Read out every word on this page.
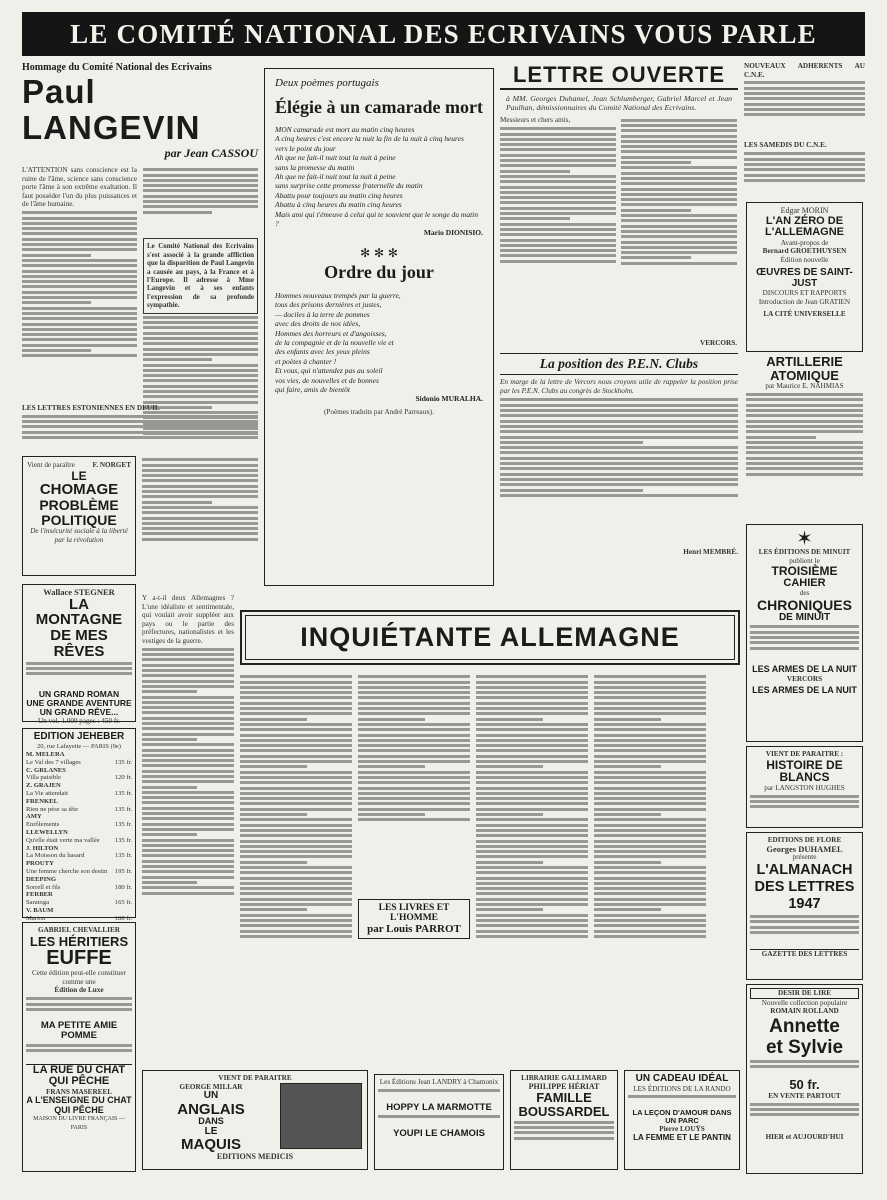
LE COMITÉ NATIONAL DES ECRIVAINS VOUS PARLE
Hommage du Comité National des Ecrivains
Paul LANGEVIN
par Jean CASSOU
L'ATTENTION sans conscience est la ruine de l'âme, science sans conscience porte l'âme à son extrême exaltation. Il faut posséder l'un du plus puissances et de l'âme humaine.
Le Comité National des Ecrivains s'est associé à la grande affliction que la disparition de Paul Langevin a causée au pays, à la France et à l'Europe. Il adresse à Mme Langevin et à ses enfants l'expression de sa profonde sympathie.
Deux poèmes portugais
Élégie à un camarade mort
MON camarade est mort au matin cinq heures
A cinq heures c'est encore la nuit la fin de la nuit à cinq heures
vers le point du jour
Ah que ne fait-il nuit tout la nuit à peine
sans la promesse du matin
Ah que ne fait-il nuit tout la nuit à peine
sans surprise cette promesse fraternelle du matin
Abattu pour toujours au matin cinq heures
Abattu à cinq heures du matin cinq heures
Mais ami qui t'émeuve à celui qui te souvient que le songe du matin ?
Mario DIONISIO.
✻ ✻ ✻
Ordre du jour
Hommes nouveaux trempés par la guerre,
tous des prisons dernières et justes,
— dociles à la terre de pommes
avec des droits de nos idées,
Hommes des horreurs et d'angoisses,
de la compagnie et de la nouvelle vie et
des enfants avec les yeux pleins
et poètes à chanter !
Et vous, qui n'attendez pas au soleil
vos vies, de nouvelles et de bonnes
qui faire, amis de bientôt
Sidonio MURALHA.
(Poèmes traduits par André Parreaux).
LETTRE OUVERTE
à MM. Georges Duhamel, Jean Schlumberger, Gabriel Marcel et Jean Paulhan, démissionnaires du Comité National des Ecrivains.
Messieurs et chers amis,
VERCORS.
La position des P.E.N. Clubs
En marge de la lettre de Vercors nous croyons utile de rappeler la position prise par les P.E.N. Clubs au congrès de Stockholm.
Henri MEMBRÉ.
NOUVEAUX ADHERENTS AU C.N.E.
LES SAMEDIS DU C.N.E.
Edgar MORIN
L'AN ZÉRO DE L'ALLEMAGNE
Avant-propos de
Bernard GROETHUYSEN
Édition nouvelle
ŒUVRES DE SAINT-JUST
DISCOURS ET RAPPORTS
Introduction de Jean GRATIEN
LA CITÉ UNIVERSELLE
ARTILLERIE ATOMIQUE
par Maurice E. NAHMIAS
✶
LES ÉDITIONS DE MINUIT
publient le
TROISIÈME
CAHIER
des
CHRONIQUES
DE MINUIT
LES ARMES DE LA NUIT
VERCORS
LES ARMES DE LA NUIT
VIENT DE PARAITRE :
HISTOIRE DE BLANCS
par LANGSTON HUGHES
EDITIONS DE FLORE
Georges DUHAMEL
présente
L'ALMANACH DES LETTRES 1947
GAZETTE DES LETTRES
DESIR DE LIRE
Nouvelle collection populaire
ROMAIN ROLLAND
Annette
et Sylvie
50 fr.
EN VENTE PARTOUT
HIER et AUJOURD'HUI
LES LETTRES ESTONIENNES EN DEUIL
Vient de paraître F. NORGET
LE
CHOMAGE
PROBLÈME
POLITIQUE
De l'insécurité sociale à la liberté par la révolution
Wallace STEGNER
LA MONTAGNE
DE MES RÊVES
UN GRAND ROMAN
UNE GRANDE AVENTURE
UN GRAND RÊVE...
Un vol. 1.000 pages : 450 fr.
EDITION JEHEBER
20, rue Lafayette — PARIS (9e)
M. MELERA
Le Val des 7 villages	135 fr.
C. GRLANES
Villa paisible	120 fr.
Z. GRAJEN
La Vie attendait	135 fr.
FRENKEL
Rien ne pèse sa tête	135 fr.
AMY
Enrôlements	135 fr.
LLEWELLYN
Qu'elle était verte ma vallée 135 fr.
J. HILTON
La Moisson du hasard	135 fr.
PROUTY
Une femme cherche son destin 195 fr.
DEEPING
Sorrell et fils	180 fr.
FERBER
Saratoga	165 fr.
V. BAUM
Marion	180 fr.
GABRIEL CHEVALLIER
LES HÉRITIERS
EUFFE
Cette édition peut-elle constituer comme une
Édition de Luxe
MA PETITE AMIE POMME
LA RUE DU CHAT QUI PÊCHE
FRANS MASEREEL
A L'ENSEIGNE DU CHAT QUI PÊCHE
MAISON DU LIVRE FRANÇAIS — PARIS
Y a-t-il deux Allemagnes ? L'une idéaliste et sentimentale, qui voulait avoir suppléer aux pays ou le partie des préfectures, nationalistes et les vestiges de la guerre.	INQUIÉTANTE ALLEMAGNE
LES LIVRES ET L'HOMME
par Louis PARROT
VIENT DE PARAITRE
GEORGE MILLAR
UN
ANGLAIS
DANS
LE
MAQUIS
EDITIONS MEDICIS
Les Éditions Jean LANDRY à Chamonix
HOPPY LA MARMOTTE
YOUPI LE CHAMOIS
LIBRAIRIE GALLIMARD
PHILIPPE HÉRIAT
FAMILLE
BOUSSARDEL
UN CADEAU IDÉAL
LES ÉDITIONS DE LA RANDO
LA LEÇON D'AMOUR DANS UN PARC
Pierre LOUŸS
LA FEMME ET LE PANTIN
